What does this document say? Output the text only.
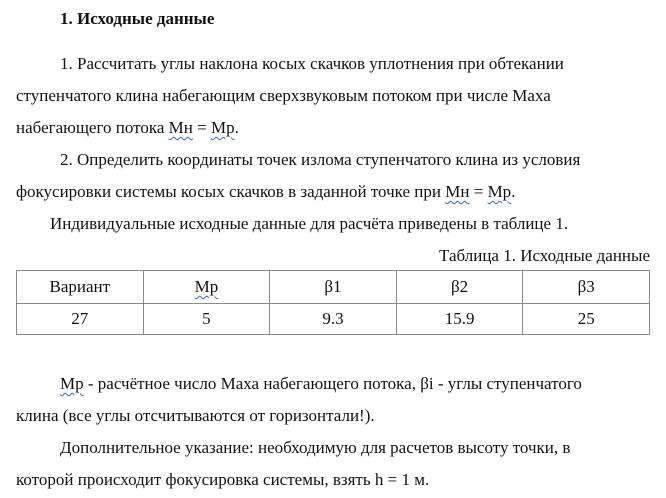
1. Исходные данные
1. Рассчитать углы наклона косых скачков уплотнения при обтекании
ступенчатого клина набегающим сверхзвуковым потоком при числе Маха
набегающего потока Mн = Mр.
2. Определить координаты точек излома ступенчатого клина из условия
фокусировки системы косых скачков в заданной точке при Mн = Mр.
Индивидуальные исходные данные для расчёта приведены в таблице 1.
Таблица 1. Исходные данные
Вариант	Mр	β1	β2	β3
27	5	9.3	15.9	25
Mр - расчётное число Маха набегающего потока, βi - углы ступенчатого
клина (все углы отсчитываются от горизонтали!).
Дополнительное указание: необходимую для расчетов высоту точки, в
которой происходит фокусировка системы, взять h = 1 м.
